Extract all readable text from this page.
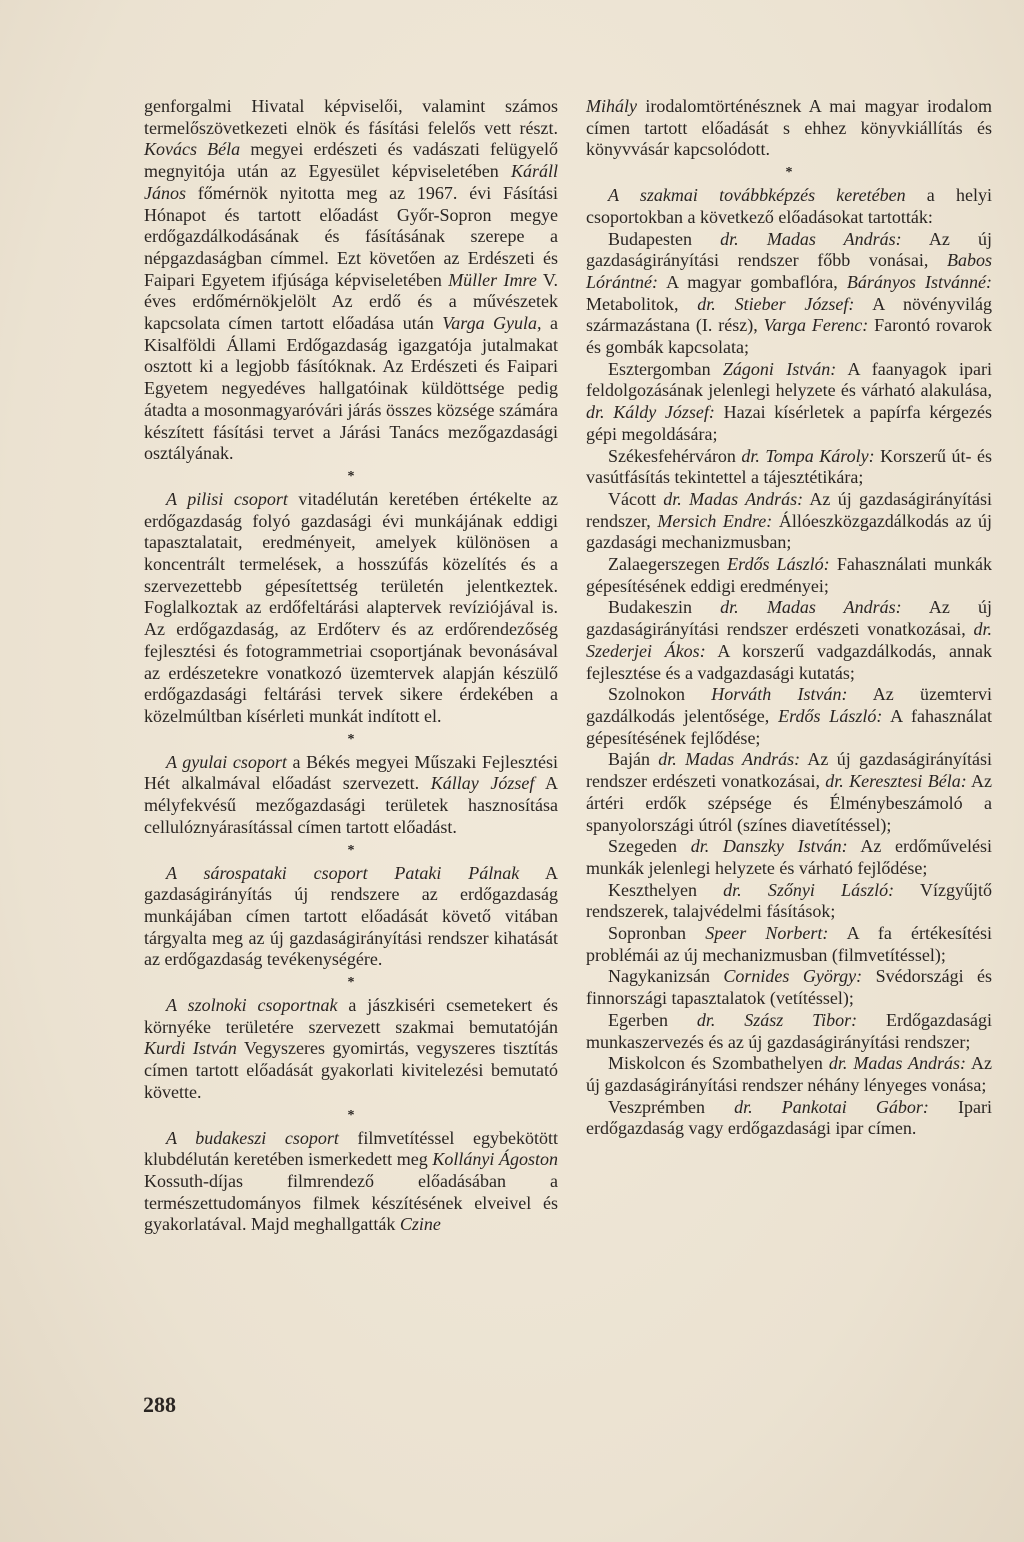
genforgalmi Hivatal képviselői, valamint számos termelőszövetkezeti elnök és fásítási felelős vett részt. Kovács Béla megyei erdészeti és vadászati felügyelő megnyitója után az Egyesület képviseletében Kárá​ll János főmérnök nyitotta meg az 1967. évi Fásítási Hónapot és tartott előadást Győr-Sopron megye erdőgazdálkodásának és fásításának szerepe a népgazdaságban címmel. Ezt követően az Erdészeti és Faipari Egyetem ifjúsága képviseletében Müller Imre V. éves erdőmérnökjelölt Az erdő és a művészetek kapcsolata címen tartott előadása után Varga Gyula, a Kisalföldi Állami Erdőgazdaság igazgatója jutalmakat osztott ki a legjobb fásítóknak. Az Erdészeti és Faipari Egyetem negyedéves hallgatóinak küldöttsége pedig átadta a mosonmagyaróvári járás összes községe számára készített fásítási tervet a Járási Tanács mezőgazdasági osztályának.

*

A pilisi csoport vitadélután keretében értékelte az erdőgazdaság folyó gazdasági évi munkájának eddigi tapasztalatait, eredményeit, amelyek különösen a koncentrált termelések, a hosszúfás közelítés és a szervezettebb gépesítettség területén jelentkeztek. Foglalkoztak az erdőfeltárási alaptervek revíziójával is. Az erdőgazdaság, az Erdőterv és az erdőrendezőség fejlesztési és fotogrammetriai csoportjának bevonásával az erdészetekre vonatkozó üzemtervek alapján készülő erdőgazdasági feltárási tervek sikere érdekében a közelmúltban kísérleti munkát indított el.

*

A gyulai csoport a Békés megyei Műszaki Fejlesztési Hét alkalmával előadást szervezett. Kállay József A mélyfekvésű mezőgazdasági területek hasznosítása cellulóznyárasítással címen tartott előadást.

*

A sárospataki csoport Pataki Pálnak A gazdaságirányítás új rendszere az erdőgazdaság munkájában címen tartott előadását követő vitában tárgyalta meg az új gazdaságirányítási rendszer kihatását az erdőgazdaság tevékenységére.

*

A szolnoki csoportnak a jászkiséri csemetekert és környéke területére szervezett szakmai bemutatóján Kurdi István Vegyszeres gyomirtás, vegyszeres tisztítás címen tartott előadását gyakorlati kivitelezési bemutató követte.

*

A budakeszi csoport filmvetítéssel egybekötött klubdélután keretében ismerkedett meg Kollányi Ágoston Kossuth-díjas filmrendező előadásában a természettudományos filmek készítésének elveivel és gyakorlatával. Majd meghallgatták Czine

Mihály irodalomtörténésznek A mai magyar irodalom címen tartott előadását s ehhez könyvkiállítás és könyvvásár kapcsolódott.

*

A szakmai továbbképzés keretében a helyi csoportokban a következő előadásokat tartották:

Budapesten dr. Madas András: Az új gazdaságirányítási rendszer főbb vonásai, Babos Lórántné: A magyar gombaflóra, Bárányos Istvánné: Metabolitok, dr. Stieber József: A növényvilág származástana (I. rész), Varga Ferenc: Farontó rovarok és gombák kapcsolata;

Esztergomban Zágoni István: A faanyagok ipari feldolgozásának jelenlegi helyzete és várható alakulása, dr. Káldy József: Hazai kísérletek a papírfa kérgezés gépi megoldására;

Székesfehérváron dr. Tompa Károly: Korszerű út- és vasútfásítás tekintettel a tájesztétikára;

Vácott dr. Madas András: Az új gazdaságirányítási rendszer, Mersich Endre: Állóeszközgazdálkodás az új gazdasági mechanizmusban;

Zalaegerszegen Erdős László: Fahasználati munkák gépesítésének eddigi eredményei;

Budakeszin dr. Madas András: Az új gazdaságirányítási rendszer erdészeti vonatkozásai, dr. Szederjei Ákos: A korszerű vadgazdálkodás, annak fejlesztése és a vadgazdasági kutatás;

Szolnokon Horváth István: Az üzemtervi gazdálkodás jelentősége, Erdős László: A fahasználat gépesítésének fejlődése;

Baján dr. Madas András: Az új gazdaságirányítási rendszer erdészeti vonatkozásai, dr. Keresztesi Béla: Az ártéri erdők szépsége és Élménybeszámoló a spanyolországi útról (színes diavetítéssel);

Szegeden dr. Danszky István: Az erdőművelési munkák jelenlegi helyzete és várható fejlődése;

Keszthelyen dr. Szőnyi László: Vízgyűjtő rendszerek, talajvédelmi fásítások;

Sopronban Speer Norbert: A fa értékesítési problémái az új mechanizmusban (filmvetítéssel);

Nagykanizsán Cornides György: Svédországi és finnországi tapasztalatok (vetítéssel);

Egerben dr. Szász Tibor: Erdőgazdasági munkaszervezés és az új gazdaságirányítási rendszer;

Miskolcon és Szombathelyen dr. Madas András: Az új gazdaságirányítási rendszer néhány lényeges vonása;

Veszprémben dr. Pankotai Gábor: Ipari erdőgazdaság vagy erdőgazdasági ipar címen.

288
